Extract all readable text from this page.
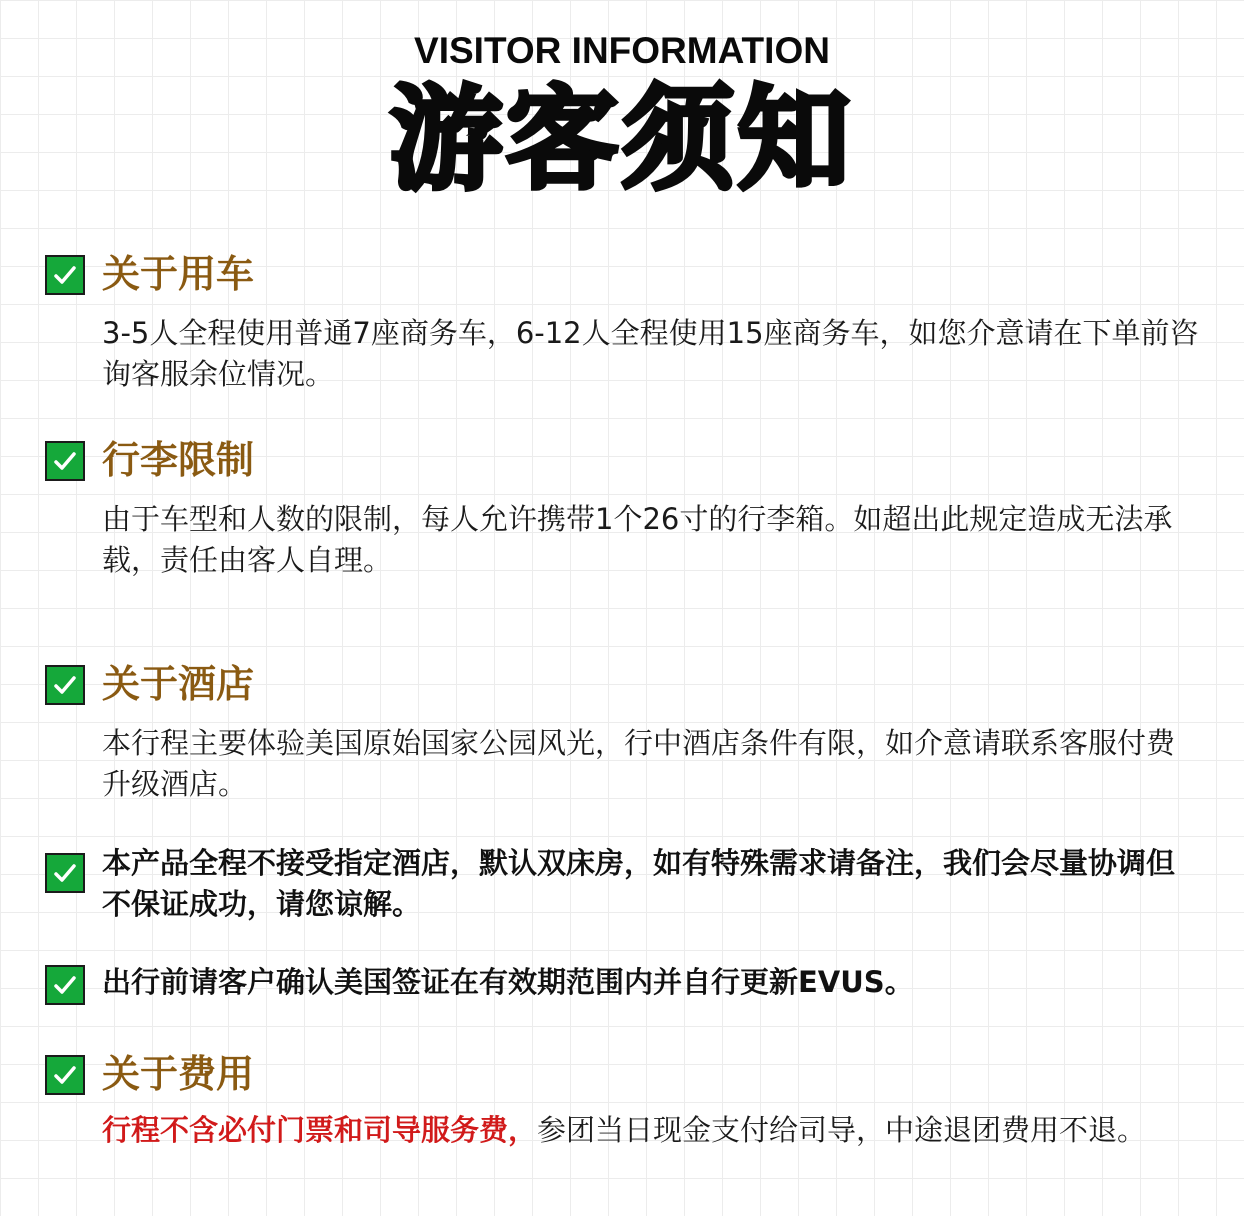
VISITOR INFORMATION
游客须知
关于用车
3-5人全程使用普通7座商务车，6-12人全程使用15座商务车，如您介意请在下单前咨询客服余位情况。
行李限制
由于车型和人数的限制，每人允许携带1个26寸的行李箱。如超出此规定造成无法承载，责任由客人自理。
关于酒店
本行程主要体验美国原始国家公园风光，行中酒店条件有限，如介意请联系客服付费升级酒店。
本产品全程不接受指定酒店，默认双床房，如有特殊需求请备注，我们会尽量协调但不保证成功，请您谅解。
出行前请客户确认美国签证在有效期范围内并自行更新EVUS。
关于费用
行程不含必付门票和司导服务费，参团当日现金支付给司导，中途退团费用不退。
